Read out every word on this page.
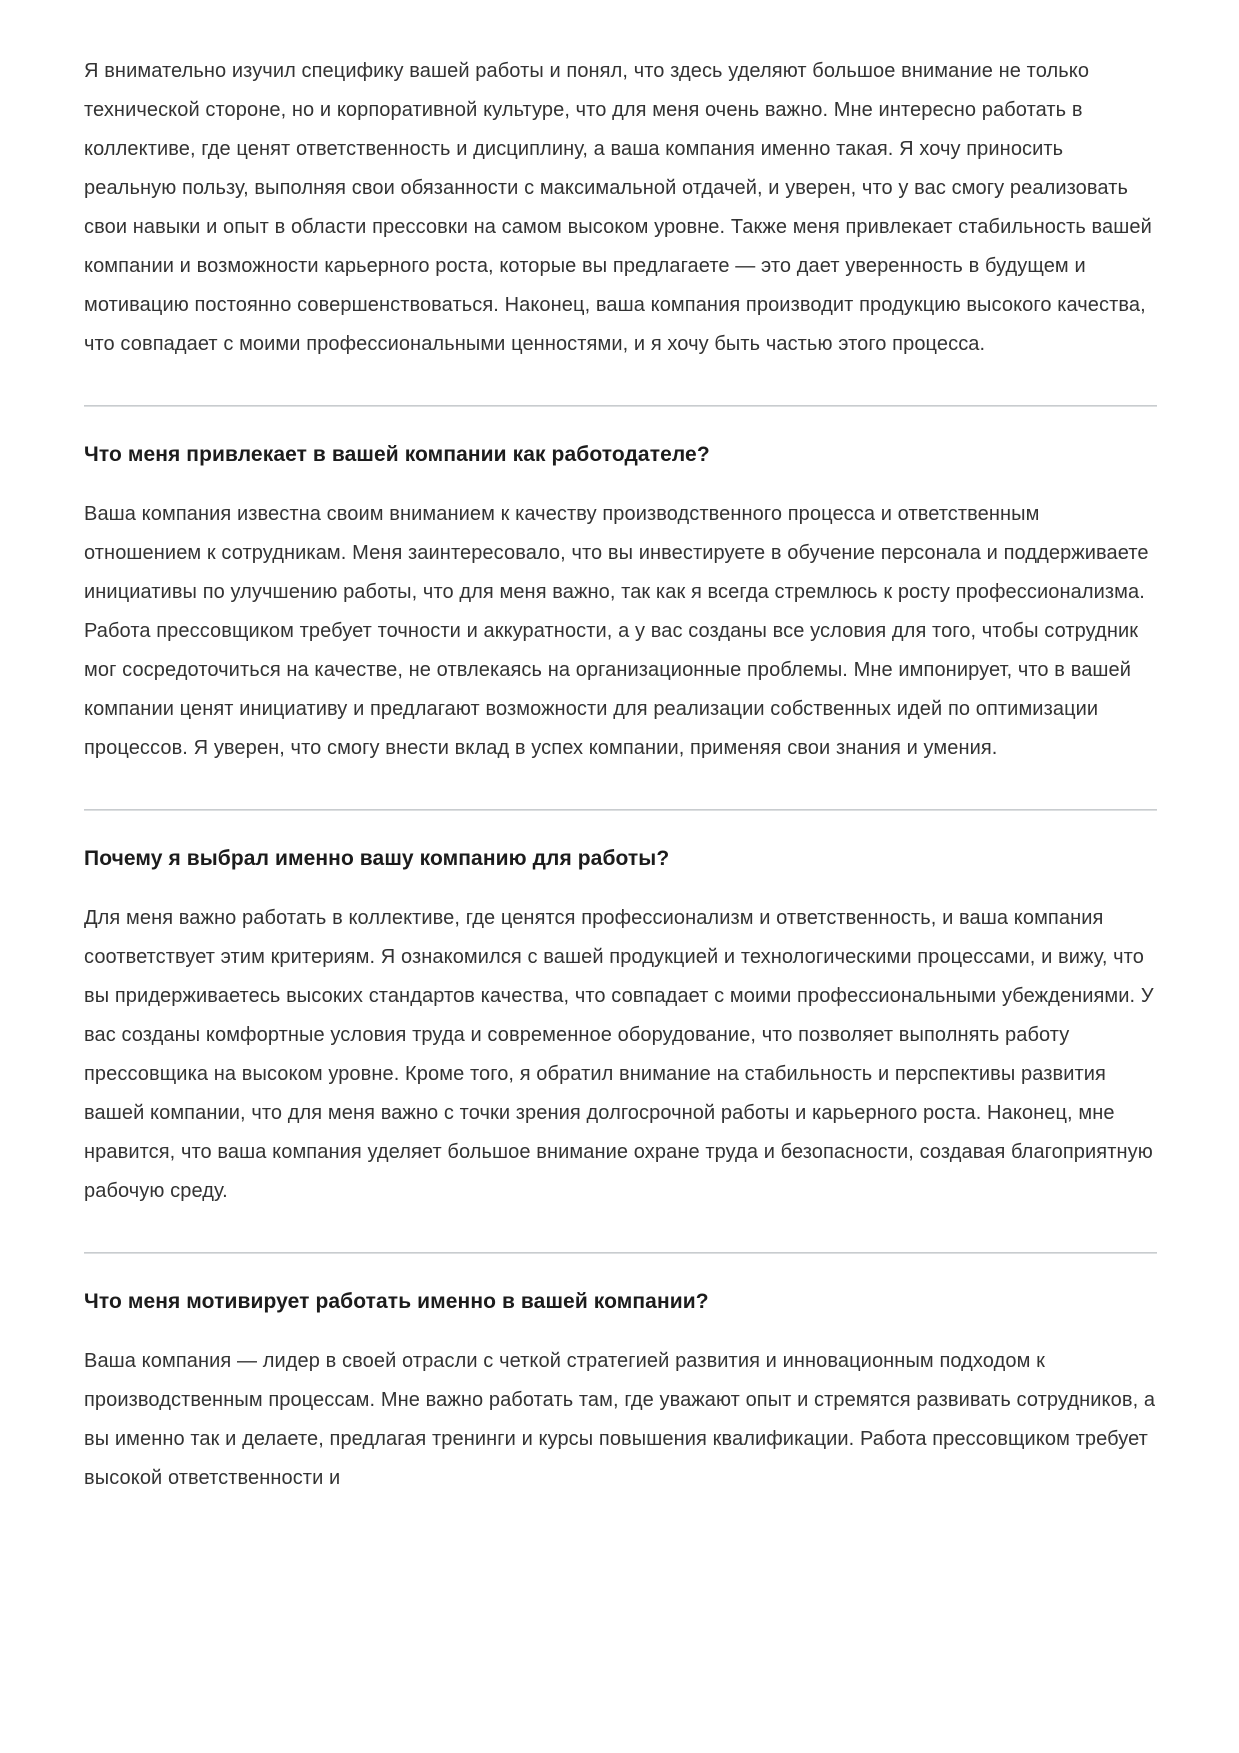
Я внимательно изучил специфику вашей работы и понял, что здесь уделяют большое внимание не только технической стороне, но и корпоративной культуре, что для меня очень важно. Мне интересно работать в коллективе, где ценят ответственность и дисциплину, а ваша компания именно такая. Я хочу приносить реальную пользу, выполняя свои обязанности с максимальной отдачей, и уверен, что у вас смогу реализовать свои навыки и опыт в области прессовки на самом высоком уровне. Также меня привлекает стабильность вашей компании и возможности карьерного роста, которые вы предлагаете — это дает уверенность в будущем и мотивацию постоянно совершенствоваться. Наконец, ваша компания производит продукцию высокого качества, что совпадает с моими профессиональными ценностями, и я хочу быть частью этого процесса.

Что меня привлекает в вашей компании как работодателе?

Ваша компания известна своим вниманием к качеству производственного процесса и ответственным отношением к сотрудникам. Меня заинтересовало, что вы инвестируете в обучение персонала и поддерживаете инициативы по улучшению работы, что для меня важно, так как я всегда стремлюсь к росту профессионализма. Работа прессовщиком требует точности и аккуратности, а у вас созданы все условия для того, чтобы сотрудник мог сосредоточиться на качестве, не отвлекаясь на организационные проблемы. Мне импонирует, что в вашей компании ценят инициативу и предлагают возможности для реализации собственных идей по оптимизации процессов. Я уверен, что смогу внести вклад в успех компании, применяя свои знания и умения.

Почему я выбрал именно вашу компанию для работы?

Для меня важно работать в коллективе, где ценятся профессионализм и ответственность, и ваша компания соответствует этим критериям. Я ознакомился с вашей продукцией и технологическими процессами, и вижу, что вы придерживаетесь высоких стандартов качества, что совпадает с моими профессиональными убеждениями. У вас созданы комфортные условия труда и современное оборудование, что позволяет выполнять работу прессовщика на высоком уровне. Кроме того, я обратил внимание на стабильность и перспективы развития вашей компании, что для меня важно с точки зрения долгосрочной работы и карьерного роста. Наконец, мне нравится, что ваша компания уделяет большое внимание охране труда и безопасности, создавая благоприятную рабочую среду.

Что меня мотивирует работать именно в вашей компании?

Ваша компания — лидер в своей отрасли с четкой стратегией развития и инновационным подходом к производственным процессам. Мне важно работать там, где уважают опыт и стремятся развивать сотрудников, а вы именно так и делаете, предлагая тренинги и курсы повышения квалификации. Работа прессовщиком требует высокой ответственности и
